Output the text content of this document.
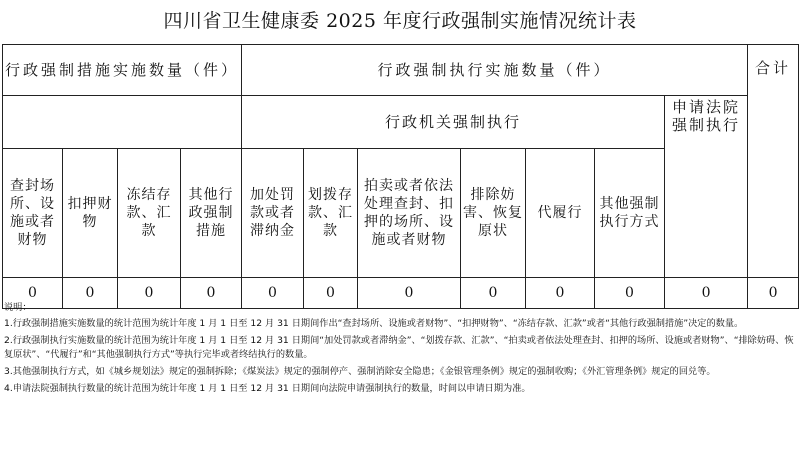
四川省卫生健康委 2025 年度行政强制实施情况统计表
行政强制措施实施数量（件）				行政强制执行实施数量（件）							合计
				行政机关强制执行						申请法院强制执行	
查封场所、设施或者财物	扣押财物	冻结存款、汇款	其他行政强制措施	加处罚款或者滞纳金	划拨存款、汇款	拍卖或者依法处理查封、扣押的场所、设施或者财物	排除妨害、恢复原状	代履行	其他强制执行方式		
0	0	0	0	0	0	0	0	0	0	0	0

说明：

1.行政强制措施实施数量的统计范围为统计年度 1 月 1 日至 12 月 31 日期间作出“查封场所、设施或者财物”、“扣押财物”、“冻结存款、汇款”或者“其他行政强制措施”决定的数量。

2.行政强制执行实施数量的统计范围为统计年度 1 月 1 日至 12 月 31 日期间“加处罚款或者滞纳金”、“划拨存款、汇款”、“拍卖或者依法处理查封、扣押的场所、设施或者财物”、“排除妨碍、恢复原状”、“代履行”和“其他强制执行方式”等执行完毕或者终结执行的数量。

3.其他强制执行方式，如《城乡规划法》规定的强制拆除；《煤炭法》规定的强制停产、强制消除安全隐患；《金银管理条例》规定的强制收购；《外汇管理条例》规定的回兑等。

4.申请法院强制执行数量的统计范围为统计年度 1 月 1 日至 12 月 31 日期间向法院申请强制执行的数量，时间以申请日期为准。
